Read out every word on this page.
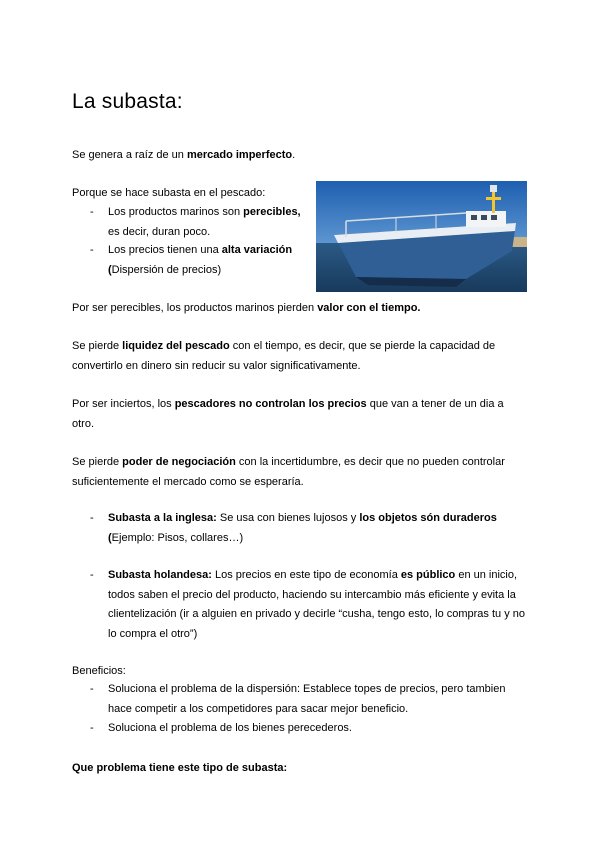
La subasta:

Se genera a raíz de un mercado imperfecto.

Porque se hace subasta en el pescado:

- Los productos marinos son perecibles, es decir, duran poco.
- Los precios tienen una alta variación (Dispersión de precios)

Por ser perecibles, los productos marinos pierden valor con el tiempo.

Se pierde liquidez del pescado con el tiempo, es decir, que se pierde la capacidad de convertirlo en dinero sin reducir su valor significativamente.

Por ser inciertos, los pescadores no controlan los precios que van a tener de un dia a otro.

Se pierde poder de negociación con la incertidumbre, es decir que no pueden controlar suficientemente el mercado como se esperaría.

- Subasta a la inglesa: Se usa con bienes lujosos y los objetos són duraderos (Ejemplo: Pisos, collares…)
- Subasta holandesa: Los precios en este tipo de economía es público en un inicio, todos saben el precio del producto, haciendo su intercambio más eficiente y evita la clientelización (ir a alguien en privado y decirle “cusha, tengo esto, lo compras tu y no lo compra el otro”)

Beneficios:

- Soluciona el problema de la dispersión: Establece topes de precios, pero tambien hace competir a los competidores para sacar mejor beneficio.
- Soluciona el problema de los bienes perecederos.

Que problema tiene este tipo de subasta:
